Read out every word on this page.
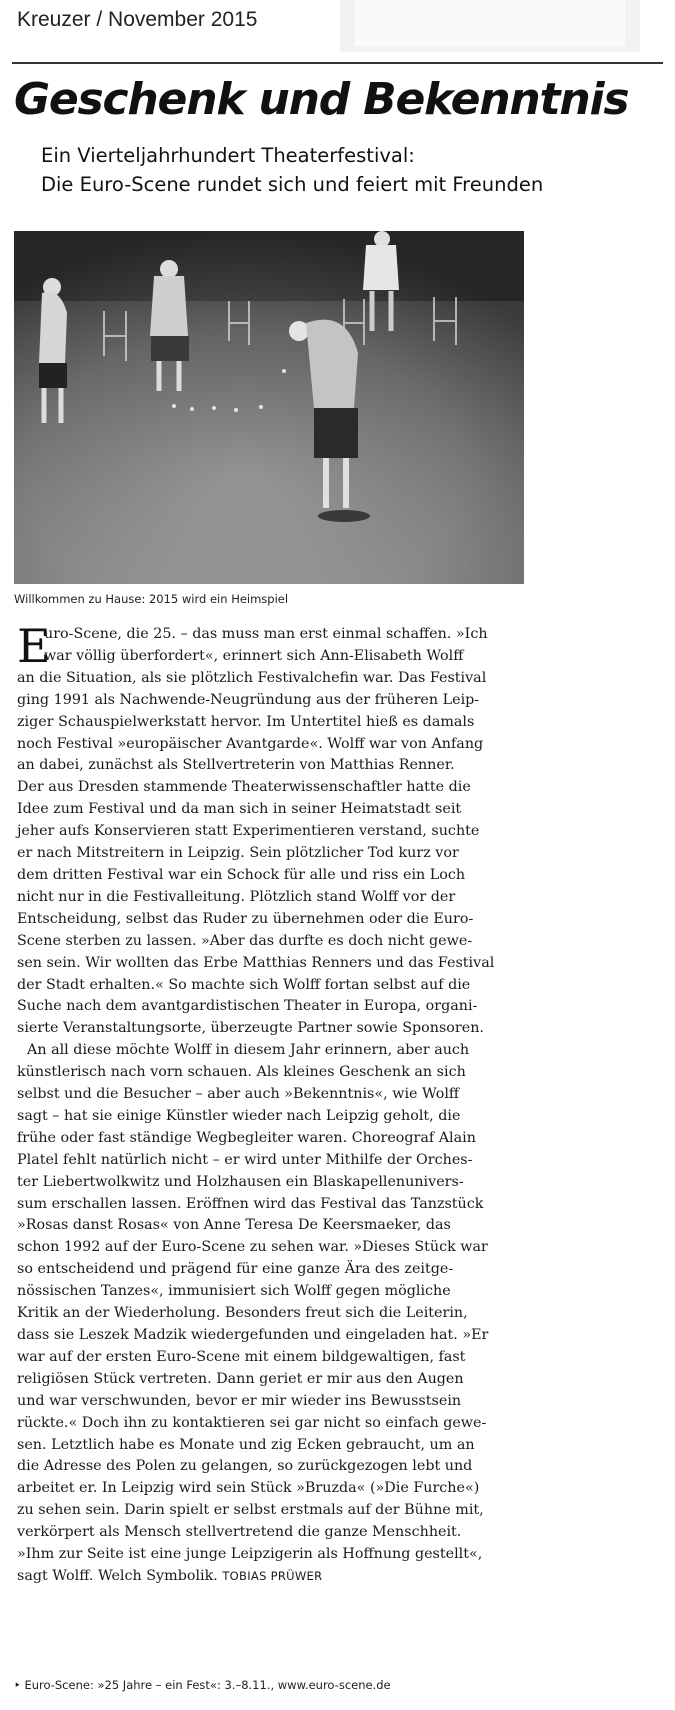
Kreuzer / November 2015
Geschenk und Bekenntnis
Ein Vierteljahrhundert Theaterfestival:
Die Euro-Scene rundet sich und feiert mit Freunden
Willkommen zu Hause: 2015 wird ein Heimspiel
E
uro-Scene, die 25. – das muss man erst einmal schaffen. »Ich
war völlig überfordert«, erinnert sich Ann-Elisabeth Wolff
an die Situation, als sie plötzlich Festivalchefin war. Das Festival
ging 1991 als Nachwende-Neugründung aus der früheren Leip-
ziger Schauspielwerkstatt hervor. Im Untertitel hieß es damals
noch Festival »europäischer Avantgarde«. Wolff war von Anfang
an dabei, zunächst als Stellvertreterin von Matthias Renner.
Der aus Dresden stammende Theaterwissenschaftler hatte die
Idee zum Festival und da man sich in seiner Heimatstadt seit
jeher aufs Konservieren statt Experimentieren verstand, suchte
er nach Mitstreitern in Leipzig. Sein plötzlicher Tod kurz vor
dem dritten Festival war ein Schock für alle und riss ein Loch
nicht nur in die Festivalleitung. Plötzlich stand Wolff vor der
Entscheidung, selbst das Ruder zu übernehmen oder die Euro-
Scene sterben zu lassen. »Aber das durfte es doch nicht gewe-
sen sein. Wir wollten das Erbe Matthias Renners und das Festival
der Stadt erhalten.« So machte sich Wolff fortan selbst auf die
Suche nach dem avantgardistischen Theater in Europa, organi-
sierte Veranstaltungsorte, überzeugte Partner sowie Sponsoren.
An all diese möchte Wolff in diesem Jahr erinnern, aber auch
künstlerisch nach vorn schauen. Als kleines Geschenk an sich
selbst und die Besucher – aber auch »Bekenntnis«, wie Wolff
sagt – hat sie einige Künstler wieder nach Leipzig geholt, die
frühe oder fast ständige Wegbegleiter waren. Choreograf Alain
Platel fehlt natürlich nicht – er wird unter Mithilfe der Orches-
ter Liebertwolkwitz und Holzhausen ein Blaskapellenunivers-
sum erschallen lassen. Eröffnen wird das Festival das Tanzstück
»Rosas danst Rosas« von Anne Teresa De Keersmaeker, das
schon 1992 auf der Euro-Scene zu sehen war. »Dieses Stück war
so entscheidend und prägend für eine ganze Ära des zeitge-
nössischen Tanzes«, immunisiert sich Wolff gegen mögliche
Kritik an der Wiederholung. Besonders freut sich die Leiterin,
dass sie Leszek Madzik wiedergefunden und eingeladen hat. »Er
war auf der ersten Euro-Scene mit einem bildgewaltigen, fast
religiösen Stück vertreten. Dann geriet er mir aus den Augen
und war verschwunden, bevor er mir wieder ins Bewusstsein
rückte.« Doch ihn zu kontaktieren sei gar nicht so einfach gewe-
sen. Letztlich habe es Monate und zig Ecken gebraucht, um an
die Adresse des Polen zu gelangen, so zurückgezogen lebt und
arbeitet er. In Leipzig wird sein Stück »Bruzda« (»Die Furche«)
zu sehen sein. Darin spielt er selbst erstmals auf der Bühne mit,
verkörpert als Mensch stellvertretend die ganze Menschheit.
»Ihm zur Seite ist eine junge Leipzigerin als Hoffnung gestellt«,
sagt Wolff. Welch Symbolik. TOBIAS PRÜWER
‣ Euro-Scene: »25 Jahre – ein Fest«: 3.–8.11., www.euro-scene.de
